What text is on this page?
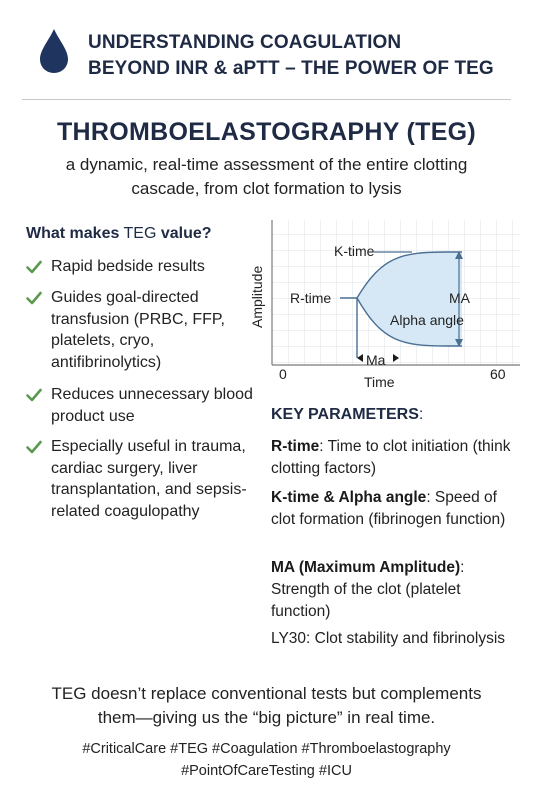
UNDERSTANDING COAGULATION
BEYOND INR & aPTT – THE POWER OF TEG
THROMBOELASTOGRAPHY (TEG)
a dynamic, real-time assessment of the entire clotting
cascade, from clot formation to lysis
What makes TEG value?
Rapid bedside results
Guides goal-directed transfusion (PRBC, FFP, platelets, cryo, antifibrinolytics)
Reduces unnecessary blood product use
Especially useful in trauma, cardiac surgery, liver transplantation, and sepsis-related coagulopathy
K-time
R-time	MA
Alpha angle
Ma
Amplitude
Time
0	60
KEY PARAMETERS:
R-time: Time to clot initiation (think clotting factors)
K-time & Alpha angle: Speed of clot formation (fibrinogen function)
MA (Maximum Amplitude): Strength of the clot (platelet function)
LY30: Clot stability and fibrinolysis
TEG doesn’t replace conventional tests but complements
them—giving us the “big picture” in real time.
#CriticalCare #TEG #Coagulation #Thromboelastography
#PointOfCareTesting #ICU
